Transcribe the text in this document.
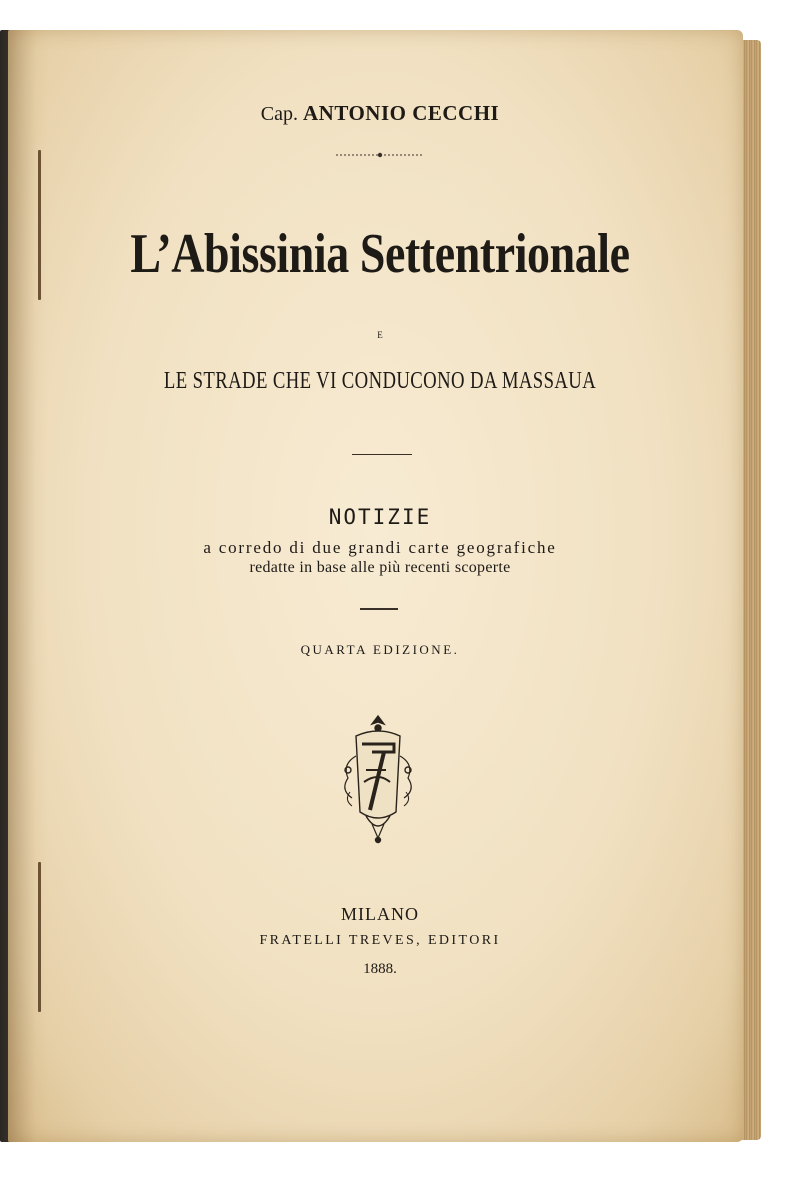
Cap. ANTONIO CECCHI
L’Abissinia Settentrionale
E
LE STRADE CHE VI CONDUCONO DA MASSAUA
NOTIZIE
a corredo di due grandi carte geografiche
redatte in base alle più recenti scoperte
QUARTA EDIZIONE.
MILANO
FRATELLI TREVES, EDITORI
1888.
